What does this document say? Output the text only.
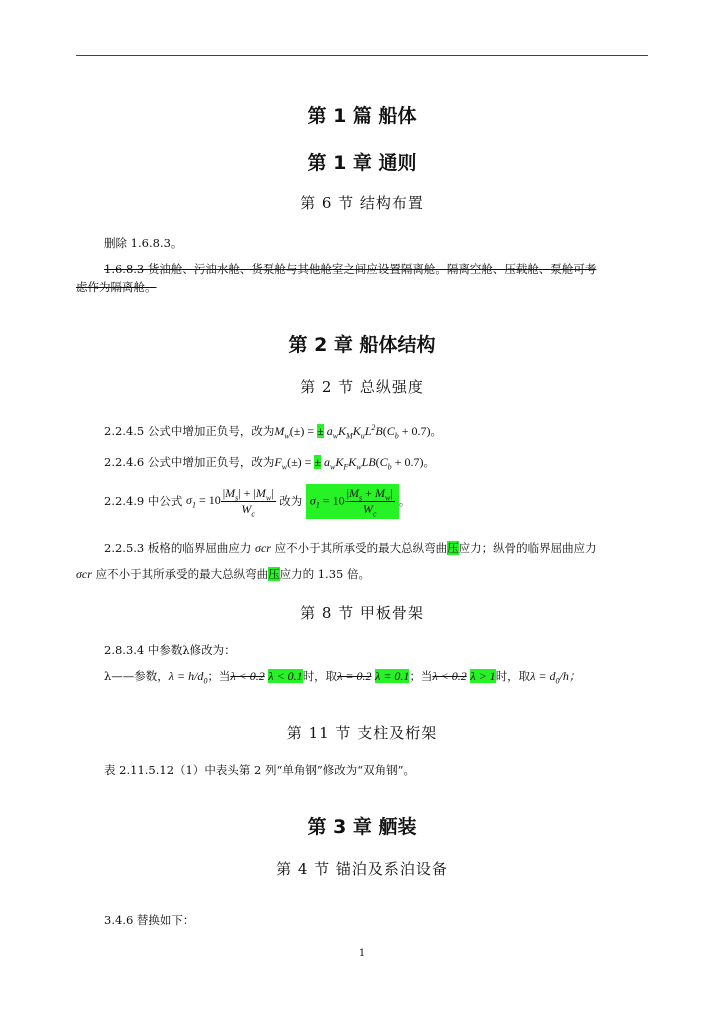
第 1 篇 船体
第 1 章 通则
第 6 节 结构布置
删除 1.6.8.3。
1.6.8.3 货油舱、污油水舱、货泵舱与其他舱室之间应设置隔离舱。隔离空舱、压载舱、泵舱可考
虑作为隔离舱。
第 2 章 船体结构
第 2 节 总纵强度
2.2.4.5 公式中增加正负号，改为$M_w(\pm)$ = ± $a_wK_MK_uL^2B(C_b + 0.7)$。
2.2.4.6 公式中增加正负号，改为$F_w(\pm)$ = ± $a_wK_FK_wLB(C_b + 0.7)$。
2.2.4.9 中公式 $\sigma_1 = 10 \frac{|M_s| + |M_w|}{W_c}$ 改为 $\sigma_1 = 10 \frac{|M_s + M_w|}{W_c}$ 。
2.2.5.3 板格的临界屈曲应力 σcr 应不小于其所承受的最大总纵弯曲压应力；纵骨的临界屈曲应力
σcr 应不小于其所承受的最大总纵弯曲压应力的 1.35 倍。
第 8 节 甲板骨架
2.8.3.4 中参数λ修改为：
λ——参数，$\lambda = h/d_0$；当λ < 0.2 λ < 0.1时，取λ = 0.2 λ = 0.1；当λ < 0.2 λ > 1时，取$\lambda = d_0/h$；
第 11 节 支柱及桁架
表 2.11.5.12（1）中表头第 2 列“单角钢”修改为“双角钢”。
第 3 章 舾装
第 4 节 锚泊及系泊设备
3.4.6 替换如下：
1
